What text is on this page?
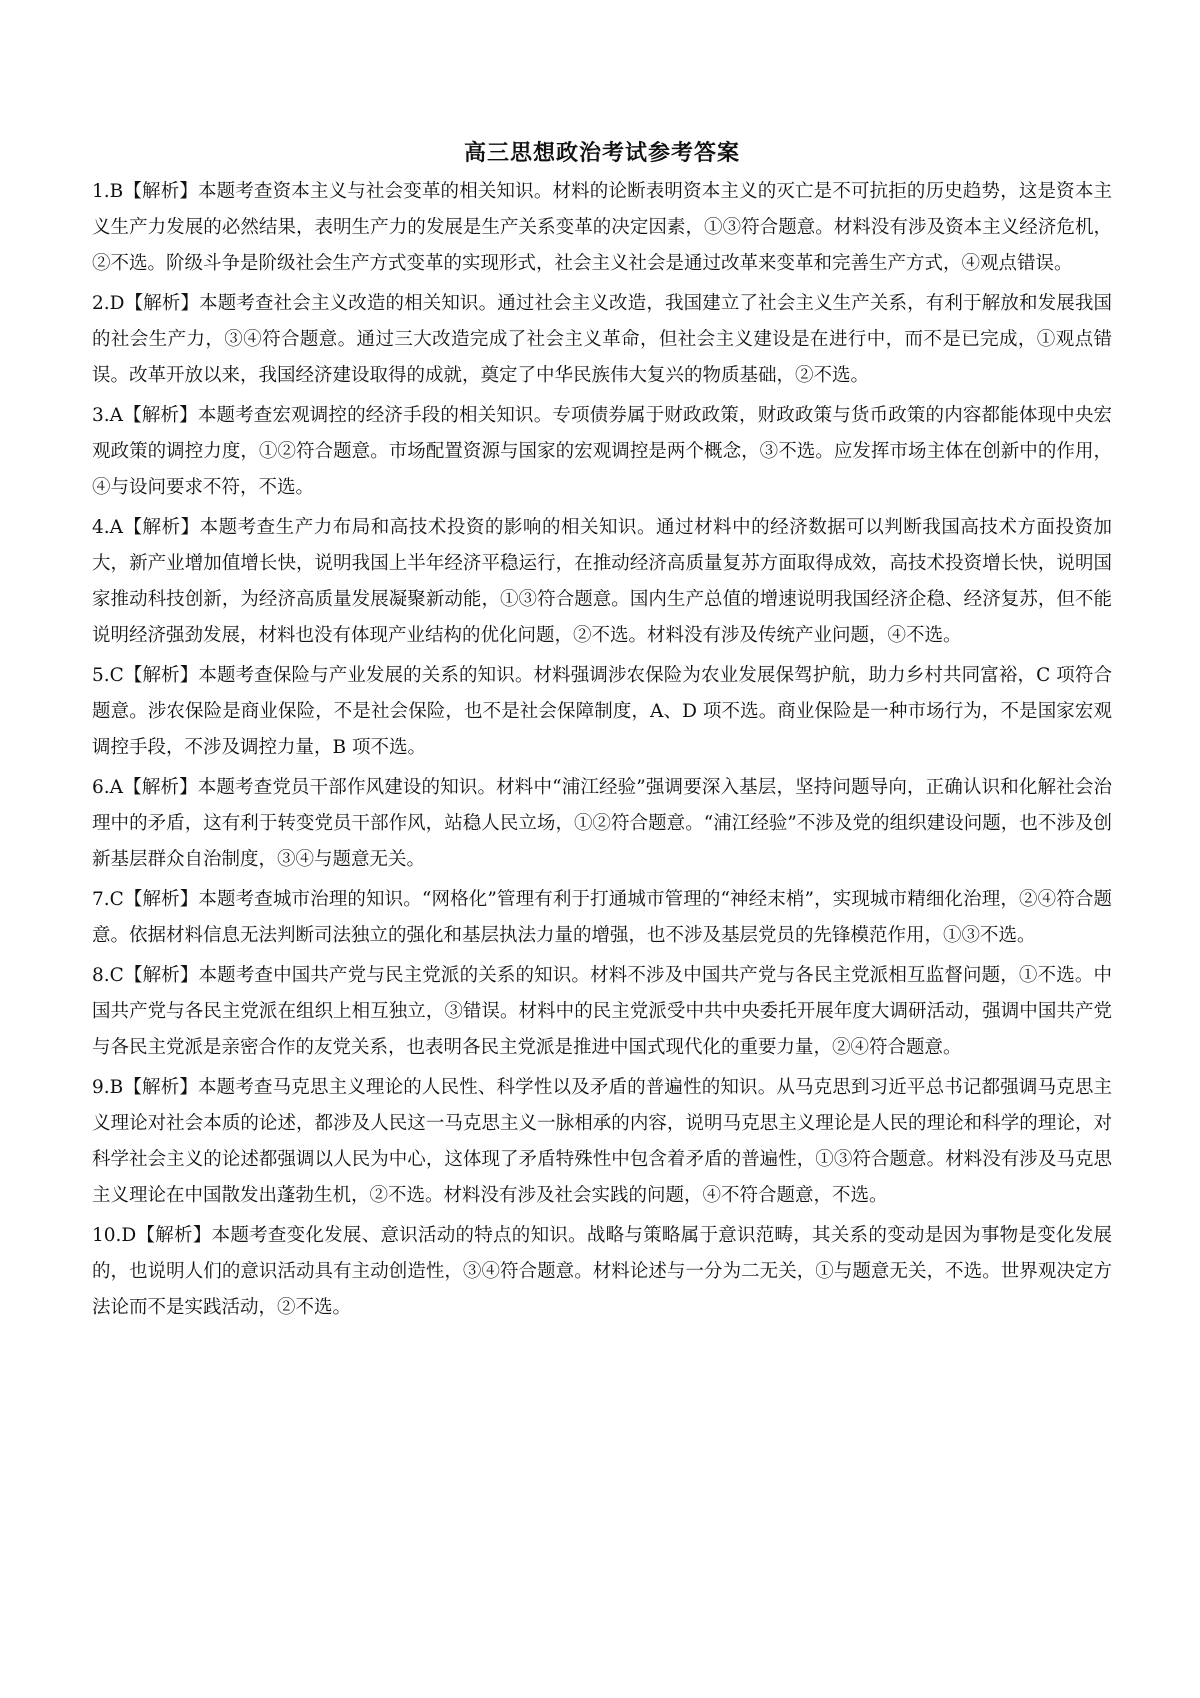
高三思想政治考试参考答案

1.B【解析】本题考查资本主义与社会变革的相关知识。材料的论断表明资本主义的灭亡是不可抗拒的历史趋势，这是资本主义生产力发展的必然结果，表明生产力的发展是生产关系变革的决定因素，①③符合题意。材料没有涉及资本主义经济危机，②不选。阶级斗争是阶级社会生产方式变革的实现形式，社会主义社会是通过改革来变革和完善生产方式，④观点错误。

2.D【解析】本题考查社会主义改造的相关知识。通过社会主义改造，我国建立了社会主义生产关系，有利于解放和发展我国的社会生产力，③④符合题意。通过三大改造完成了社会主义革命，但社会主义建设是在进行中，而不是已完成，①观点错误。改革开放以来，我国经济建设取得的成就，奠定了中华民族伟大复兴的物质基础，②不选。

3.A【解析】本题考查宏观调控的经济手段的相关知识。专项债券属于财政政策，财政政策与货币政策的内容都能体现中央宏观政策的调控力度，①②符合题意。市场配置资源与国家的宏观调控是两个概念，③不选。应发挥市场主体在创新中的作用，④与设问要求不符，不选。

4.A【解析】本题考查生产力布局和高技术投资的影响的相关知识。通过材料中的经济数据可以判断我国高技术方面投资加大，新产业增加值增长快，说明我国上半年经济平稳运行，在推动经济高质量复苏方面取得成效，高技术投资增长快，说明国家推动科技创新，为经济高质量发展凝聚新动能，①③符合题意。国内生产总值的增速说明我国经济企稳、经济复苏，但不能说明经济强劲发展，材料也没有体现产业结构的优化问题，②不选。材料没有涉及传统产业问题，④不选。

5.C【解析】本题考查保险与产业发展的关系的知识。材料强调涉农保险为农业发展保驾护航，助力乡村共同富裕，C 项符合题意。涉农保险是商业保险，不是社会保险，也不是社会保障制度，A、D 项不选。商业保险是一种市场行为，不是国家宏观调控手段，不涉及调控力量，B 项不选。

6.A【解析】本题考查党员干部作风建设的知识。材料中“浦江经验”强调要深入基层，坚持问题导向，正确认识和化解社会治理中的矛盾，这有利于转变党员干部作风，站稳人民立场，①②符合题意。“浦江经验”不涉及党的组织建设问题，也不涉及创新基层群众自治制度，③④与题意无关。

7.C【解析】本题考查城市治理的知识。“网格化”管理有利于打通城市管理的“神经末梢”，实现城市精细化治理，②④符合题意。依据材料信息无法判断司法独立的强化和基层执法力量的增强，也不涉及基层党员的先锋模范作用，①③不选。

8.C【解析】本题考查中国共产党与民主党派的关系的知识。材料不涉及中国共产党与各民主党派相互监督问题，①不选。中国共产党与各民主党派在组织上相互独立，③错误。材料中的民主党派受中共中央委托开展年度大调研活动，强调中国共产党与各民主党派是亲密合作的友党关系，也表明各民主党派是推进中国式现代化的重要力量，②④符合题意。

9.B【解析】本题考查马克思主义理论的人民性、科学性以及矛盾的普遍性的知识。从马克思到习近平总书记都强调马克思主义理论对社会本质的论述，都涉及人民这一马克思主义一脉相承的内容，说明马克思主义理论是人民的理论和科学的理论，对科学社会主义的论述都强调以人民为中心，这体现了矛盾特殊性中包含着矛盾的普遍性，①③符合题意。材料没有涉及马克思主义理论在中国散发出蓬勃生机，②不选。材料没有涉及社会实践的问题，④不符合题意，不选。

10.D【解析】本题考查变化发展、意识活动的特点的知识。战略与策略属于意识范畴，其关系的变动是因为事物是变化发展的，也说明人们的意识活动具有主动创造性，③④符合题意。材料论述与一分为二无关，①与题意无关，不选。世界观决定方法论而不是实践活动，②不选。
